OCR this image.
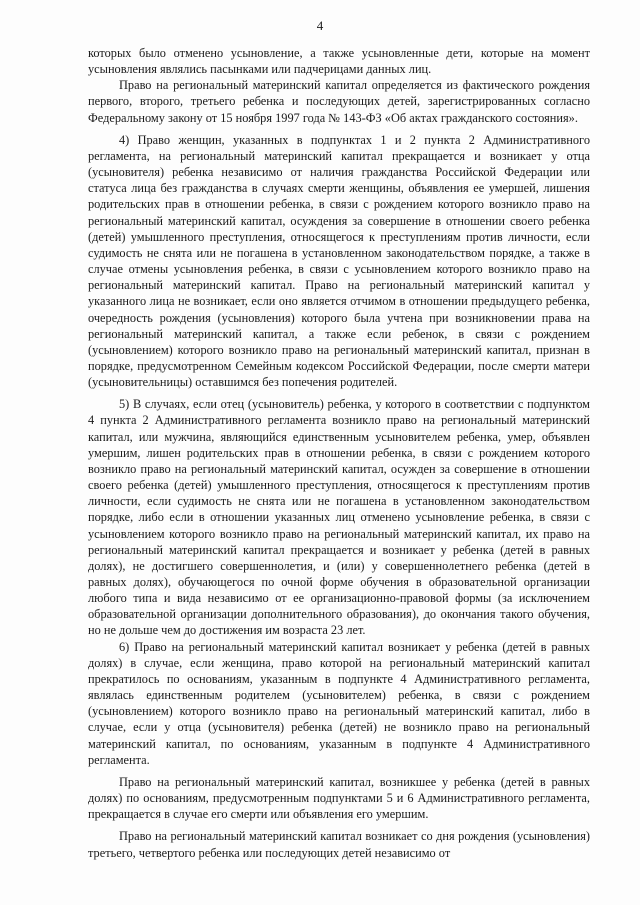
4

которых было отменено усыновление, а также усыновленные дети, которые на момент усыновления являлись пасынками или падчерицами данных лиц.

Право на региональный материнский капитал определяется из фактического рождения первого, второго, третьего ребенка и последующих детей, зарегистрированных согласно Федеральному закону от 15 ноября 1997 года № 143-ФЗ «Об актах гражданского состояния».

4) Право женщин, указанных в подпунктах 1 и 2 пункта 2 Административного регламента, на региональный материнский капитал прекращается и возникает у отца (усыновителя) ребенка независимо от наличия гражданства Российской Федерации или статуса лица без гражданства в случаях смерти женщины, объявления ее умершей, лишения родительских прав в отношении ребенка, в связи с рождением которого возникло право на региональный материнский капитал, осуждения за совершение в отношении своего ребенка (детей) умышленного преступления, относящегося к преступлениям против личности, если судимость не снята или не погашена в установленном законодательством порядке, а также в случае отмены усыновления ребенка, в связи с усыновлением которого возникло право на региональный материнский капитал. Право на региональный материнский капитал у указанного лица не возникает, если оно является отчимом в отношении предыдущего ребенка, очередность рождения (усыновления) которого была учтена при возникновении права на региональный материнский капитал, а также если ребенок, в связи с рождением (усыновлением) которого возникло право на региональный материнский капитал, признан в порядке, предусмотренном Семейным кодексом Российской Федерации, после смерти матери (усыновительницы) оставшимся без попечения родителей.

5) В случаях, если отец (усыновитель) ребенка, у которого в соответствии с подпунктом 4 пункта 2 Административного регламента возникло право на региональный материнский капитал, или мужчина, являющийся единственным усыновителем ребенка, умер, объявлен умершим, лишен родительских прав в отношении ребенка, в связи с рождением которого возникло право на региональный материнский капитал, осужден за совершение в отношении своего ребенка (детей) умышленного преступления, относящегося к преступлениям против личности, если судимость не снята или не погашена в установленном законодательством порядке, либо если в отношении указанных лиц отменено усыновление ребенка, в связи с усыновлением которого возникло право на региональный материнский капитал, их право на региональный материнский капитал прекращается и возникает у ребенка (детей в равных долях), не достигшего совершеннолетия, и (или) у совершеннолетнего ребенка (детей в равных долях), обучающегося по очной форме обучения в образовательной организации любого типа и вида независимо от ее организационно-правовой формы (за исключением образовательной организации дополнительного образования), до окончания такого обучения, но не дольше чем до достижения им возраста 23 лет.

6) Право на региональный материнский капитал возникает у ребенка (детей в равных долях) в случае, если женщина, право которой на региональный материнский капитал прекратилось по основаниям, указанным в подпункте 4 Административного регламента, являлась единственным родителем (усыновителем) ребенка, в связи с рождением (усыновлением) которого возникло право на региональный материнский капитал, либо в случае, если у отца (усыновителя) ребенка (детей) не возникло право на региональный материнский капитал, по основаниям, указанным в подпункте 4 Административного регламента.

Право на региональный материнский капитал, возникшее у ребенка (детей в равных долях) по основаниям, предусмотренным подпунктами 5 и 6 Административного регламента, прекращается в случае его смерти или объявления его умершим.

Право на региональный материнский капитал возникает со дня рождения (усыновления) третьего, четвертого ребенка или последующих детей независимо от
